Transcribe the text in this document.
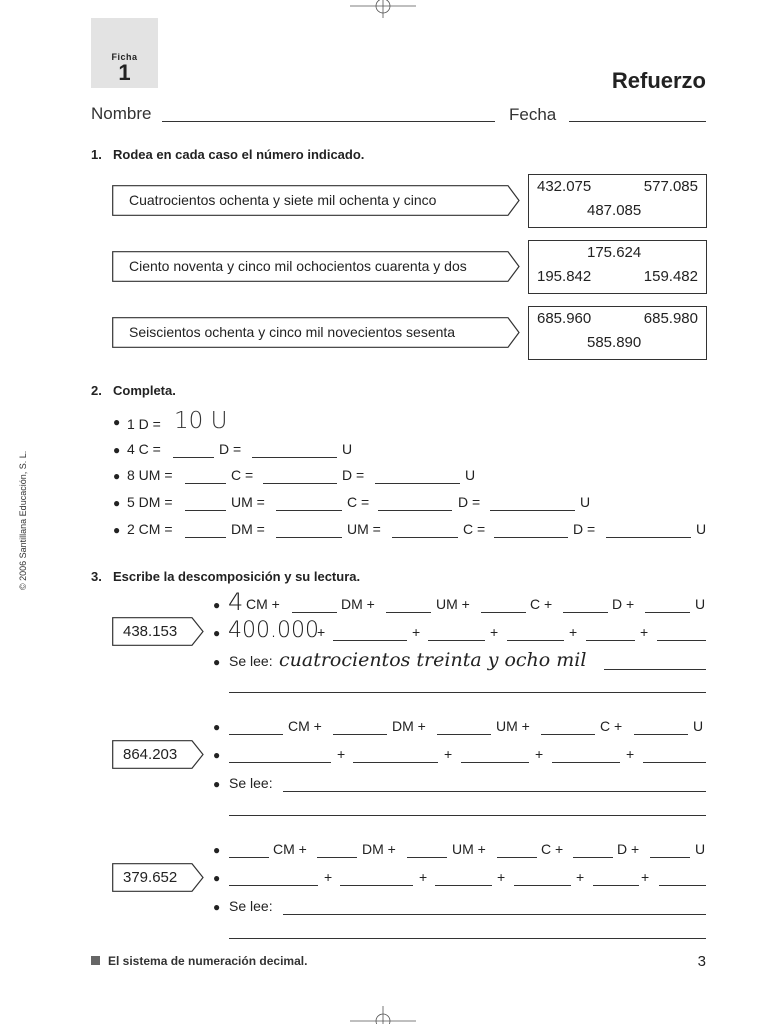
Ficha
1	Refuerzo
Nombre	Fecha
© 2006 Santillana Educación, S. L.
1. Rodea en cada caso el número indicado.
Cuatrocientos ochenta y siete mil ochenta y cinco
432.075	577.085
487.085
Ciento noventa y cinco mil ochocientos cuarenta y dos
175.624
195.842	159.482
Seiscientos ochenta y cinco mil novecientos sesenta
685.960	685.980
585.890
2. Completa.
● 1 D = 10 U
● 4 C =	D =	U
● 8 UM =	C =	D =	U
● 5 DM =	UM =	C =	D =	U
● 2 CM =	DM =	UM =	C =	D =	U
3. Escribe la descomposición y su lectura.
438.153
● 4 CM +	DM +	UM +	C +	D +	U
● 400.000
+	+	+	+	+
● Se lee: cuatrocientos treinta y ocho mil
864.203
●	CM +	DM +	UM +	C +	U
●	+	+	+	+
● Se lee:
379.652
●	CM +	DM +	UM +	C +	D +	U
●	+	+	+	+	+
● Se lee:
El sistema de numeración decimal.	3
